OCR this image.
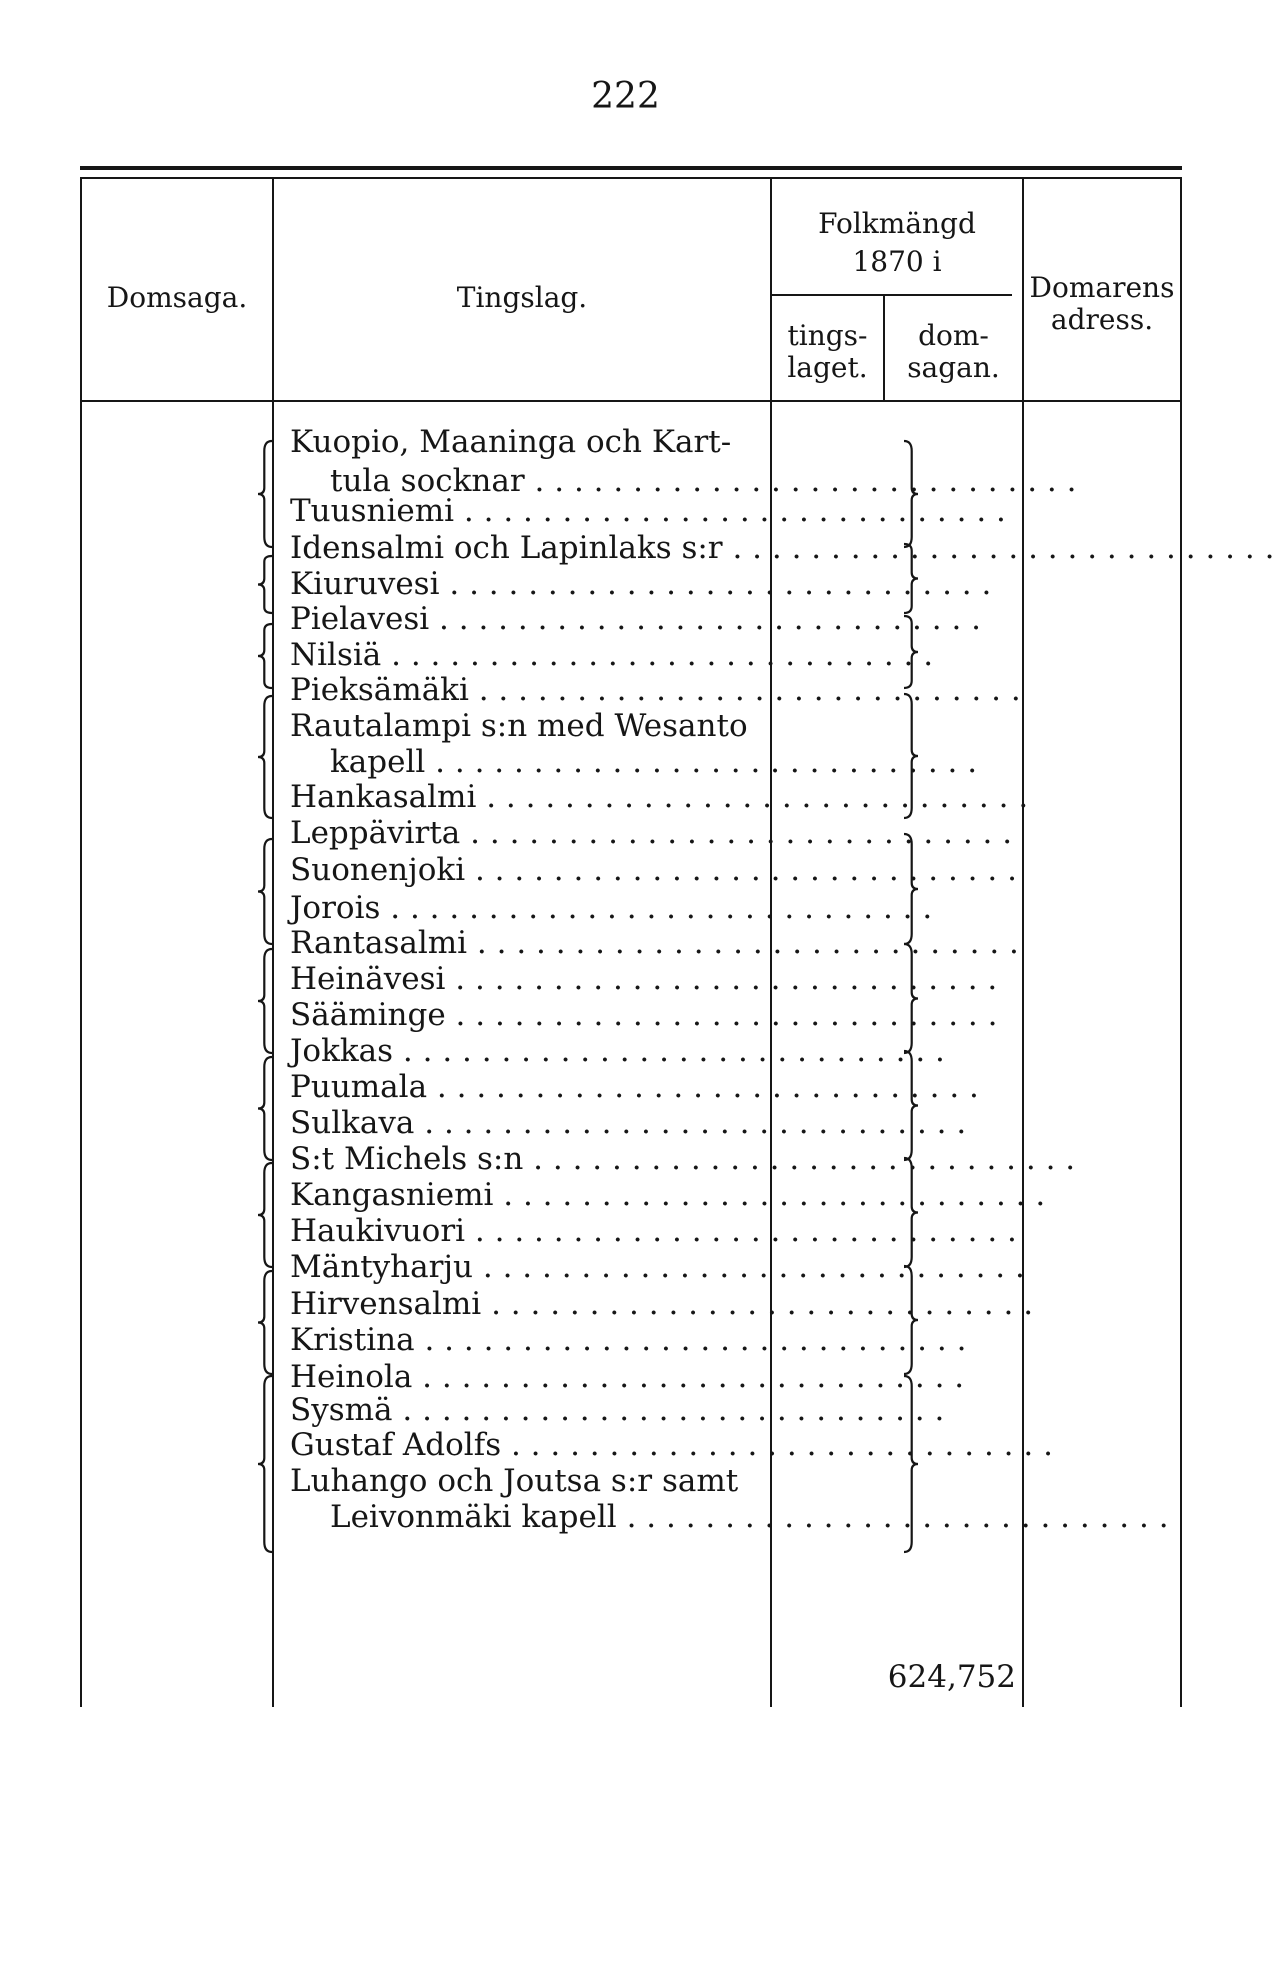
222
Domsaga.	Tingslag.
Folkmängd
1870 i
tings-
laget.
dom-
sagan.
Domarens
adress.
Kuopio, Maaninga och Kart-
tula socknar . . . . . . . . . . . . . . . . . . . . . . . . . . . .
Tuusniemi . . . . . . . . . . . . . . . . . . . . . . . . . . . .
Idensalmi och Lapinlaks s:r . . . . . . . . . . . . . . . . . . . . . . . . . . . .
Kiuruvesi . . . . . . . . . . . . . . . . . . . . . . . . . . . .
Pielavesi . . . . . . . . . . . . . . . . . . . . . . . . . . . .
Nilsiä . . . . . . . . . . . . . . . . . . . . . . . . . . . .
Pieksämäki . . . . . . . . . . . . . . . . . . . . . . . . . . . .
Rautalampi s:n med Wesanto
kapell . . . . . . . . . . . . . . . . . . . . . . . . . . . .
Hankasalmi . . . . . . . . . . . . . . . . . . . . . . . . . . . .
Leppävirta . . . . . . . . . . . . . . . . . . . . . . . . . . . .
Suonenjoki . . . . . . . . . . . . . . . . . . . . . . . . . . . .
Jorois . . . . . . . . . . . . . . . . . . . . . . . . . . . .
Rantasalmi . . . . . . . . . . . . . . . . . . . . . . . . . . . .
Heinävesi . . . . . . . . . . . . . . . . . . . . . . . . . . . .
Sääminge . . . . . . . . . . . . . . . . . . . . . . . . . . . .
Jokkas . . . . . . . . . . . . . . . . . . . . . . . . . . . .
Puumala . . . . . . . . . . . . . . . . . . . . . . . . . . . .
Sulkava . . . . . . . . . . . . . . . . . . . . . . . . . . . .
S:t Michels s:n . . . . . . . . . . . . . . . . . . . . . . . . . . . .
Kangasniemi . . . . . . . . . . . . . . . . . . . . . . . . . . . .
Haukivuori . . . . . . . . . . . . . . . . . . . . . . . . . . . .
Mäntyharju . . . . . . . . . . . . . . . . . . . . . . . . . . . .
Hirvensalmi . . . . . . . . . . . . . . . . . . . . . . . . . . . .
Kristina . . . . . . . . . . . . . . . . . . . . . . . . . . . .
Heinola . . . . . . . . . . . . . . . . . . . . . . . . . . . .
Sysmä . . . . . . . . . . . . . . . . . . . . . . . . . . . .
Gustaf Adolfs . . . . . . . . . . . . . . . . . . . . . . . . . . . .
Luhango och Joutsa s:r samt
Leivonmäki kapell . . . . . . . . . . . . . . . . . . . . . . . . . . . .
624,752
